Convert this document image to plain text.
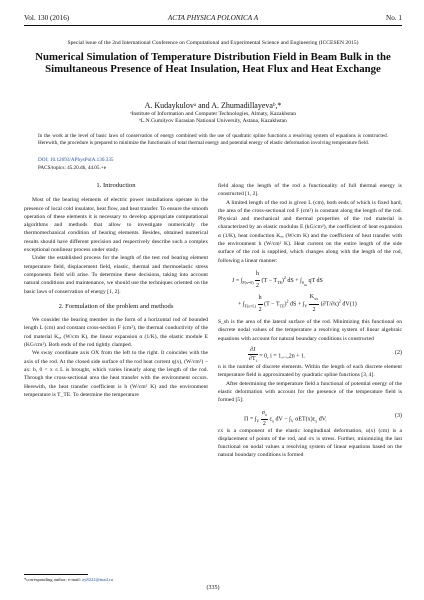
Vol. 130 (2016)	ACTA PHYSICA POLONICA A	No. 1
Special issue of the 2nd International Conference on Computational and Experimental Science and Engineering (ICCESEN 2015)
Numerical Simulation of Temperature Distribution Field in Beam Bulk in the Simultaneous Presence of Heat Insulation, Heat Flux and Heat Exchange
A. Kudaykulovᵃ and A. Zhumadillayevaᵇ,*
ᵃInstitute of Information and Computer Technologies, Almaty, Kazakhstan
ᵇL.N.Gumilyov Eurasian National University, Astana, Kazakhstan
In the work at the level of basic laws of conservation of energy combined with the use of quadratic spline functions a resolving system of equations is constructed. Herewith, the procedure is prepared to minimize the functionals of total thermal energy and potential energy of elastic deformation involving temperature field.
DOI: 10.12693/APhysPolA.130.335
PACS/topics: 45.20.dh, 44.05.+e

1. Introduction

Most of the bearing elements of electric power installations operate in the presence of local cold insulator, heat flow, and heat transfer. To ensure the smooth operation of these elements it is necessary to develop appropriate computational algorithms and methods that allow to investigate numerically the thermomechanical condition of bearing elements. Besides, obtained numerical results should have different precision and respectively describe such a complex exceptional nonlinear process under study.

Under the established process for the length of the test rod bearing element temperature field, displacement field, elastic, thermal and thermoelastic stress components field will arise. To determine these decisions, taking into account natural conditions and maintenance, we should use the techniques oriented on the basic laws of conservation of energy [1, 2].

2. Formulation of the problem and methods

We consider the bearing member in the form of a horizontal rod of bounded length L (cm) and constant cross-section F (cm²), the thermal conductivity of the rod material Kₓₓ (W/cm K), the linear expansion α (1/K), the elastic module E (KG/cm²). Both ends of the rod tightly clamped.

We sway coordinate axis OX from the left to the right. It coincides with the axis of the rod. At the closed side surface of the rod heat current q(x), (W/cm²) − ax: b, 0 < x ≤ L is brought, which varies linearly along the length of the rod. Through the cross-sectional area the heat transfer with the environment occurs. Herewith, the heat transfer coefficient is h (W/cm² K) and the environment temperature is T_TE. To determine the temperature

field along the length of the rod a functionality of full thermal energy is constructed [1, 2].

A limited length of the rod is given L (cm), both ends of which is fixed hard, the area of the cross-sectional rod F (cm²) is constant along the length of the rod. Physical and mechanical and thermal properties of the rod material is characterized by an elastic modulus E (kG/cm²), the coefficient of heat expansion α (1/K), heat conduction Kₓₓ (W/cm K) and the coefficient of heat transfer with the environment h (W/cm² K). Heat current on the entire length of the side surface of the rod is supplied, which changes along with the length of the rod, following a linear manner:

$J = \int_{F(x=0)} \frac{h}{2} (T - T_{TE})^2$ dS + $\int_{S_{sh}}$ qT dS
+ $\int_{F(x=L)} \frac{h}{2} (T - T_{TE})^2$ dS + $\int_V \frac{K_{xx}}{2} (\partial T/\partial x)^2$ dV(1)

S_sh is the area of the lateral surface of the rod. Minimizing this functional on discrete nodal values of the temperature a resolving system of linear algebraic equations with account for natural boundary conditions is constructed

$\frac{\partial J}{\partial T_i} = 0$, i = 1,...,2n + 1.
(2)

n is the number of discrete elements. Within the length of each discrete element temperature field is approximated by quadratic spline functions [3, 4].

After determining the temperature field a functional of potential energy of the elastic deformation with account for the presence of the temperature field is formed [5]:

$\Pi = \int_V \frac{\sigma_x}{2} \varepsilon_x$ dV − $\int_V$ $\alpha ET(x)\varepsilon_x$ dV.
(3)

εx is a component of the elastic longitudinal deformation, u(x) (cm) is a displacement of points of the rod, and σx is stress. Further, minimizing the last functional on nodal values a resolving system of linear equations based on the natural boundary conditions is formed

*corresponding author; e-mail: ay8222@mail.ru
(335)
